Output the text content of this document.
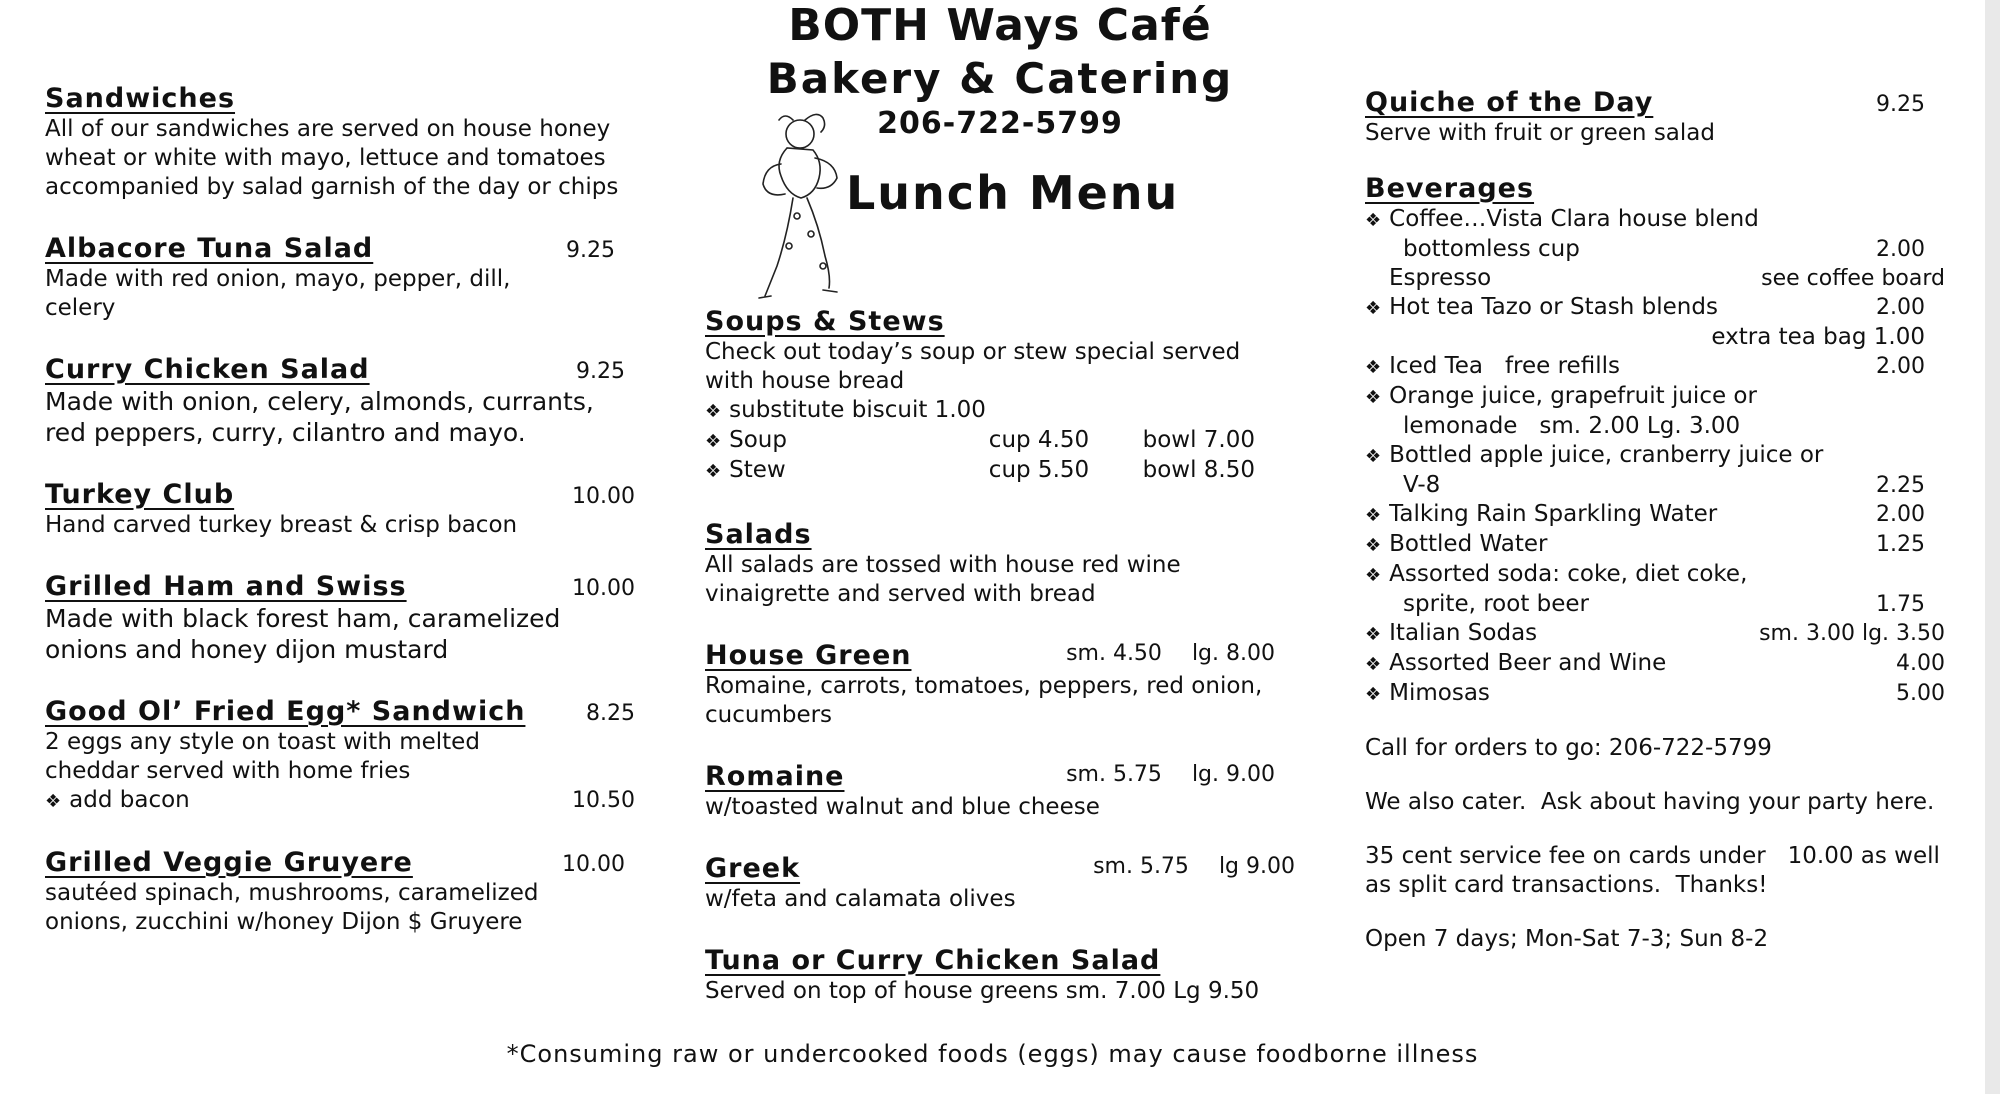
BOTH Ways Café
Bakery & Catering
206-722-5799
Lunch Menu
Sandwiches
All of our sandwiches are served on house honey wheat or white with mayo, lettuce and tomatoes accompanied by salad garnish of the day or chips
Albacore Tuna Salad	9.25
Made with red onion, mayo, pepper, dill, celery
Curry Chicken Salad	9.25
Made with onion, celery, almonds, currants, red peppers, curry, cilantro and mayo.
Turkey Club	10.00
Hand carved turkey breast & crisp bacon
Grilled Ham and Swiss	10.00
Made with black forest ham, caramelized onions and honey dijon mustard
Good Ol’ Fried Egg* Sandwich	8.25
2 eggs any style on toast with melted cheddar served with home fries
❖ add bacon	10.50
Grilled Veggie Gruyere	10.00
sautéed spinach, mushrooms, caramelized onions, zucchini w/honey Dijon $ Gruyere
Soups & Stews
Check out today’s soup or stew special served with house bread
❖ substitute biscuit 1.00
❖ Soup	cup 4.50	bowl 7.00
❖ Stew	cup 5.50	bowl 8.50
Salads
All salads are tossed with house red wine vinaigrette and served with bread
House Green	sm. 4.50 lg. 8.00
Romaine, carrots, tomatoes, peppers, red onion, cucumbers
Romaine	sm. 5.75 lg. 9.00
w/toasted walnut and blue cheese
Greek	sm. 5.75 lg 9.00
w/feta and calamata olives
Tuna or Curry Chicken Salad
Served on top of house greens sm. 7.00 Lg 9.50
Quiche of the Day	9.25
Serve with fruit or green salad
Beverages
❖ Coffee…Vista Clara house blend
bottomless cup	2.00
Espresso	see coffee board
❖ Hot tea Tazo or Stash blends	2.00
extra tea bag 1.00
❖ Iced Tea   free refills	2.00
❖ Orange juice, grapefruit juice or
lemonade   sm. 2.00 Lg. 3.00
❖ Bottled apple juice, cranberry juice or
V-8	2.25
❖ Talking Rain Sparkling Water	2.00
❖ Bottled Water	1.25
❖ Assorted soda: coke, diet coke,
sprite, root beer	1.75
❖ Italian Sodas	sm. 3.00 lg. 3.50
❖ Assorted Beer and Wine	4.00
❖ Mimosas	5.00
Call for orders to go: 206-722-5799
We also cater.  Ask about having your party here.
35 cent service fee on cards under   10.00 as well as split card transactions.  Thanks!
Open 7 days; Mon-Sat 7-3; Sun 8-2
*Consuming raw or undercooked foods (eggs) may cause foodborne illness
